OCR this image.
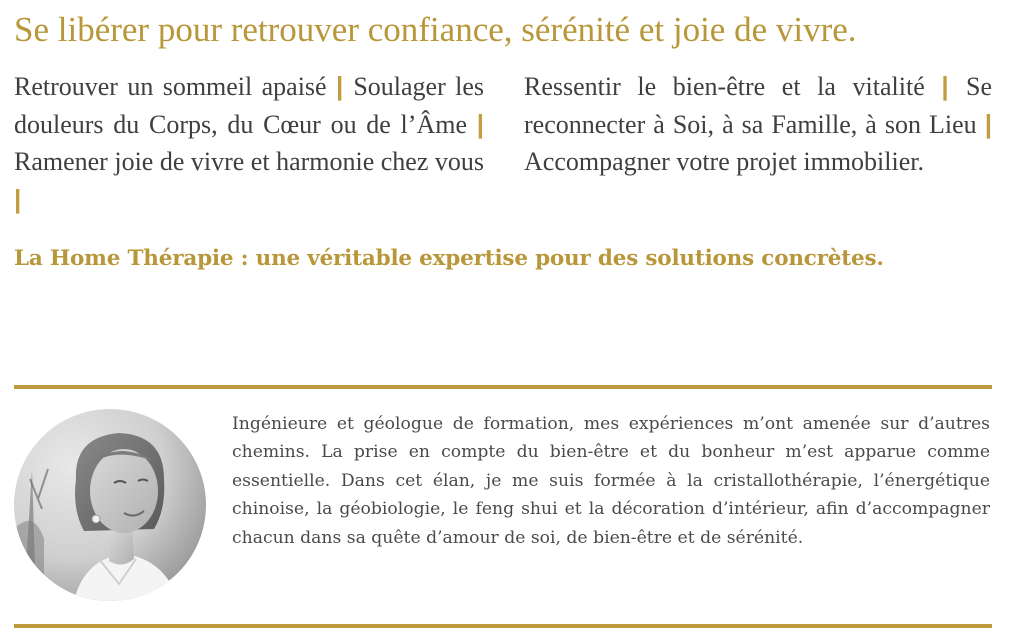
Se libérer pour retrouver confiance, sérénité et joie de vivre.
Retrouver un sommeil apaisé | Soulager les douleurs du Corps, du Cœur ou de l’Âme | Ramener joie de vivre et harmonie chez vous |
Ressentir le bien-être et la vitalité | Se reconnecter à Soi, à sa Famille, à son Lieu | Accompagner votre projet immobilier.
La Home Thérapie : une véritable expertise pour des solutions concrètes.
Ingénieure et géologue de formation, mes expériences m’ont amenée sur d’autres chemins. La prise en compte du bien-être et du bonheur m’est apparue comme essentielle. Dans cet élan, je me suis formée à la cristallothérapie, l’énergétique chinoise, la géobiologie, le feng shui et la décoration d’intérieur, afin d’accompagner chacun dans sa quête d’amour de soi, de bien-être et de sérénité.
